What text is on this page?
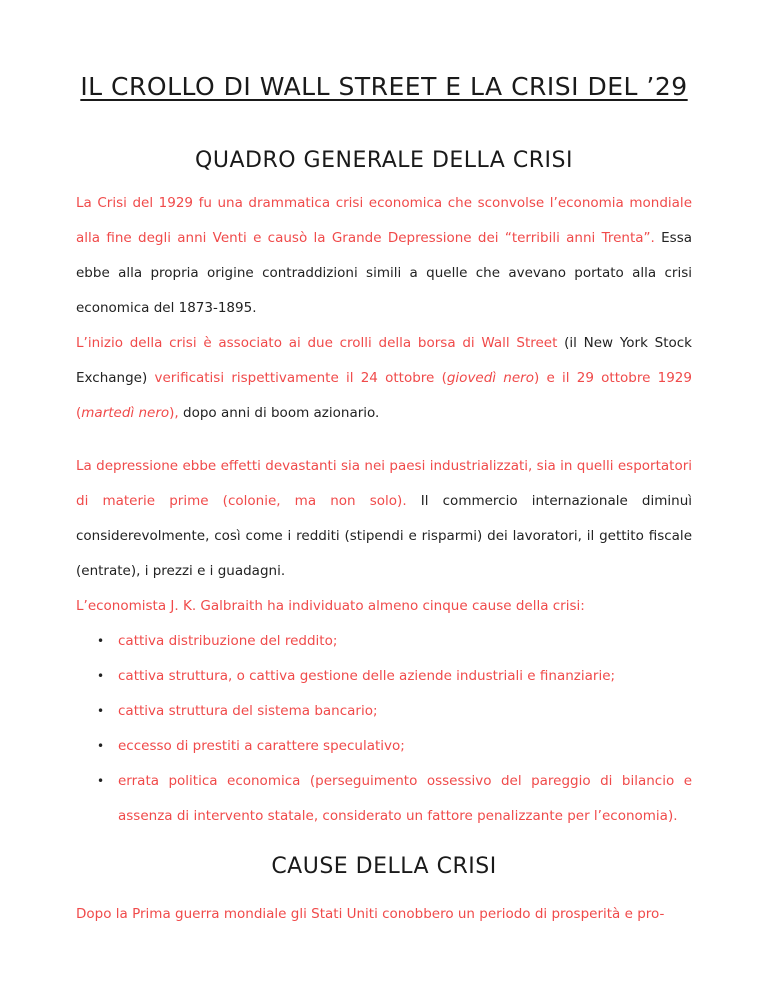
IL CROLLO DI WALL STREET E LA CRISI DEL ’29
QUADRO GENERALE DELLA CRISI

La Crisi del 1929 fu una drammatica crisi economica che sconvolse l’economia mondiale alla fine degli anni Venti e causò la Grande Depressione dei “terribili anni Trenta”. Essa ebbe alla propria origine contraddizioni simili a quelle che avevano portato alla crisi economica del 1873-1895.

L’inizio della crisi è associato ai due crolli della borsa di Wall Street (il New York Stock Exchange) verificatisi rispettivamente il 24 ottobre (giovedì nero) e il 29 ottobre 1929 (martedì nero), dopo anni di boom azionario.

La depressione ebbe effetti devastanti sia nei paesi industrializzati, sia in quelli esportatori di materie prime (colonie, ma non solo). Il commercio internazionale diminuì considerevolmente, così come i redditi (stipendi e risparmi) dei lavoratori, il gettito fiscale (entrate), i prezzi e i guadagni.

L’economista J. K. Galbraith ha individuato almeno cinque cause della crisi:

• cattiva distribuzione del reddito;
• cattiva struttura, o cattiva gestione delle aziende industriali e finanziarie;
• cattiva struttura del sistema bancario;
• eccesso di prestiti a carattere speculativo;
• errata politica economica (perseguimento ossessivo del pareggio di bilancio e assenza di intervento statale, considerato un fattore penalizzante per l’economia).
CAUSE DELLA CRISI

Dopo la Prima guerra mondiale gli Stati Uniti conobbero un periodo di prosperità e pro-
